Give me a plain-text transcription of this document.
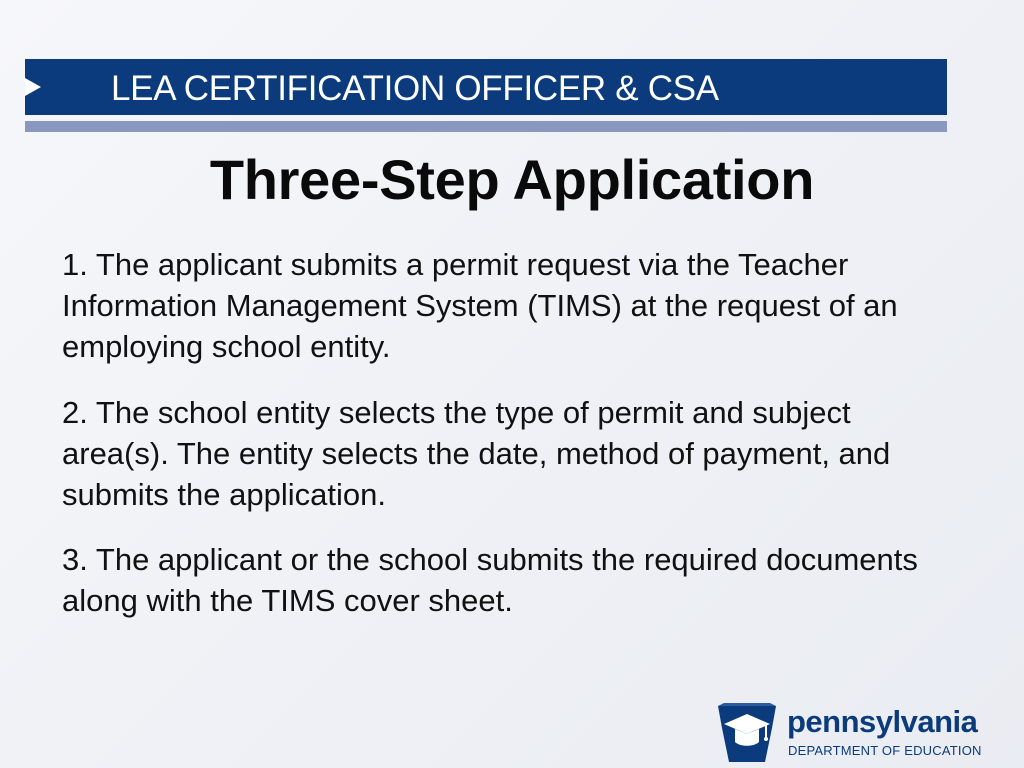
LEA CERTIFICATION OFFICER & CSA
Three-Step Application

1. The applicant submits a permit request via the Teacher Information Management System (TIMS) at the request of an employing school entity.

2. The school entity selects the type of permit and subject area(s). The entity selects the date, method of payment, and submits the application.

3. The applicant or the school submits the required documents along with the TIMS cover sheet.

pennsylvania
DEPARTMENT OF EDUCATION
